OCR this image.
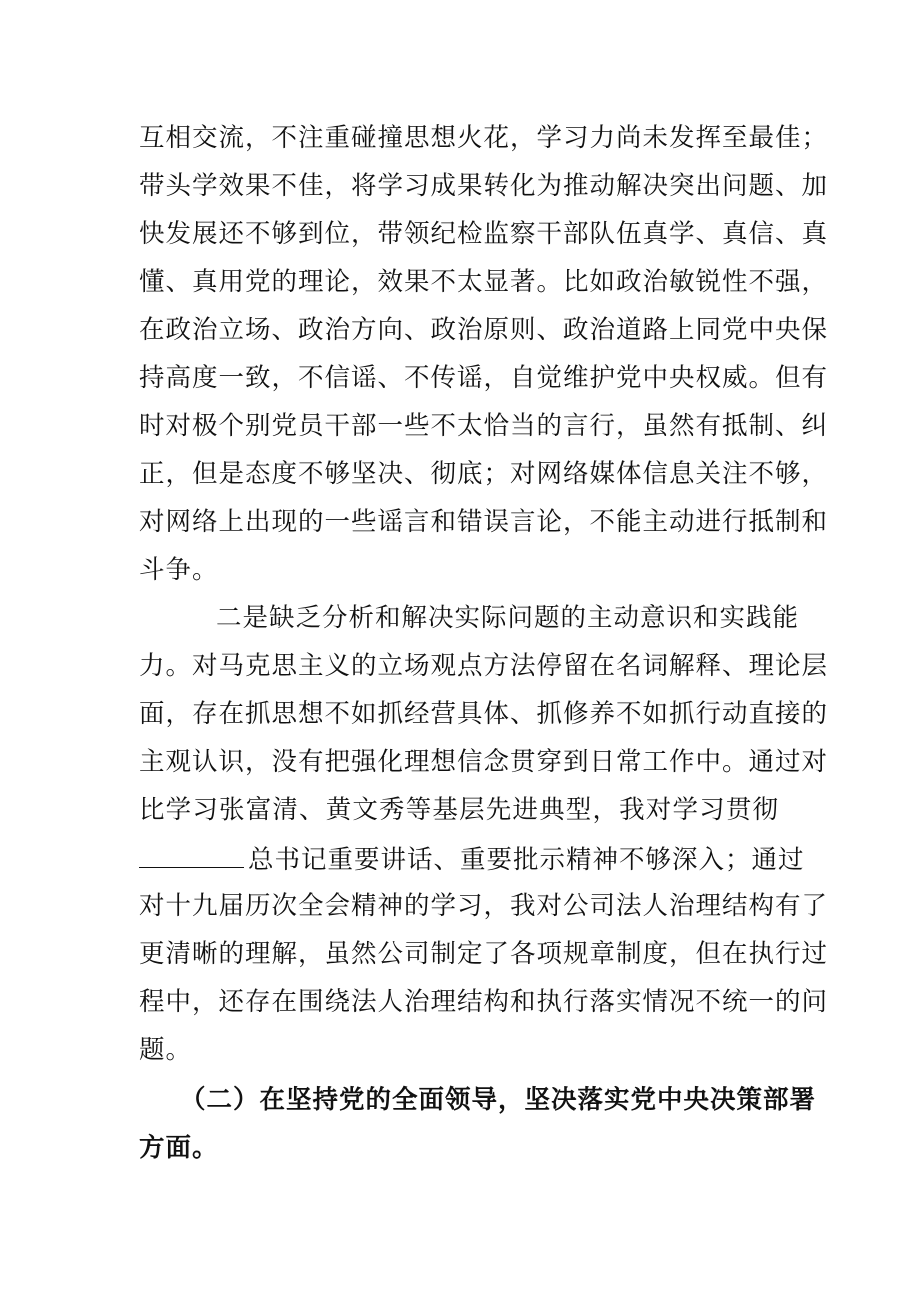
互相交流，不注重碰撞思想火花，学习力尚未发挥至最佳；
带头学效果不佳，将学习成果转化为推动解决突出问题、加
快发展还不够到位，带领纪检监察干部队伍真学、真信、真
懂、真用党的理论，效果不太显著。比如政治敏锐性不强，
在政治立场、政治方向、政治原则、政治道路上同党中央保
持高度一致，不信谣、不传谣，自觉维护党中央权威。但有
时对极个别党员干部一些不太恰当的言行，虽然有抵制、纠
正，但是态度不够坚决、彻底；对网络媒体信息关注不够，
对网络上出现的一些谣言和错误言论，不能主动进行抵制和
斗争。
二是缺乏分析和解决实际问题的主动意识和实践能
力。对马克思主义的立场观点方法停留在名词解释、理论层
面，存在抓思想不如抓经营具体、抓修养不如抓行动直接的
主观认识，没有把强化理想信念贯穿到日常工作中。通过对
比学习张富清、黄文秀等基层先进典型，我对学习贯彻
总书记重要讲话、重要批示精神不够深入；通过
对十九届历次全会精神的学习，我对公司法人治理结构有了
更清晰的理解，虽然公司制定了各项规章制度，但在执行过
程中，还存在围绕法人治理结构和执行落实情况不统一的问
题。
（二）在坚持党的全面领导，坚决落实党中央决策部署
方面。
